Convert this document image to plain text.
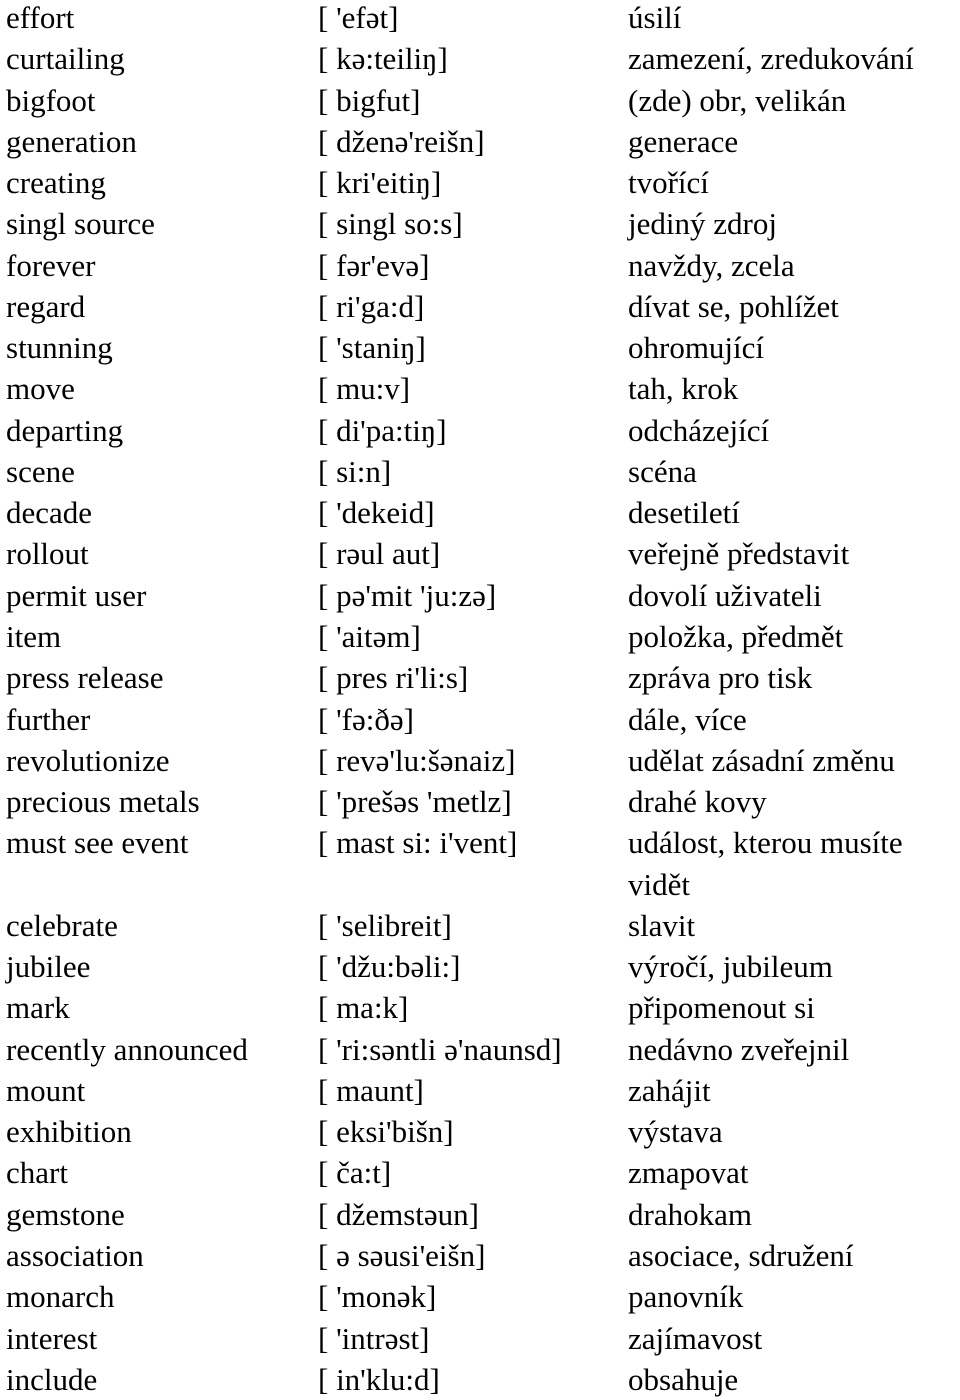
effort	[ 'efət]	úsilí
curtailing	[ kə:teiliŋ]	zamezení, zredukování
bigfoot	[ bigfut]	(zde) obr, velikán
generation	[ dženə'reišn]	generace
creating	[ kri'eitiŋ]	tvořící
singl source	[ singl so:s]	jediný zdroj
forever	[ fər'evə]	navždy, zcela
regard	[ ri'ga:d]	dívat se, pohlížet
stunning	[ 'staniŋ]	ohromující
move	[ mu:v]	tah, krok
departing	[ di'pa:tiŋ]	odcházející
scene	[ si:n]	scéna
decade	[ 'dekeid]	desetiletí
rollout	[ rəul aut]	veřejně představit
permit user	[ pə'mit 'ju:zə]	dovolí uživateli
item	[ 'aitəm]	položka, předmět
press release	[ pres ri'li:s]	zpráva pro tisk
further	[ 'fə:ðə]	dále, více
revolutionize	[ revə'lu:šənaiz]	udělat zásadní změnu
precious metals	[ 'prešəs 'metlz]	drahé kovy
must see event	[ mast si: i'vent]	událost, kterou musíte
vidět
celebrate	[ 'selibreit]	slavit
jubilee	[ 'džu:bəli:]	výročí, jubileum
mark	[ ma:k]	připomenout si
recently announced [ 'ri:səntli ə'naunsd] nedávno zveřejnil
mount	[ maunt]	zahájit
exhibition	[ eksi'bišn]	výstava
chart	[ ča:t]	zmapovat
gemstone	[ džemstəun]	drahokam
association	[ ə səusi'eišn]	asociace, sdružení
monarch	[ 'monək]	panovník
interest	[ 'intrəst]	zajímavost
include	[ in'klu:d]	obsahuje
